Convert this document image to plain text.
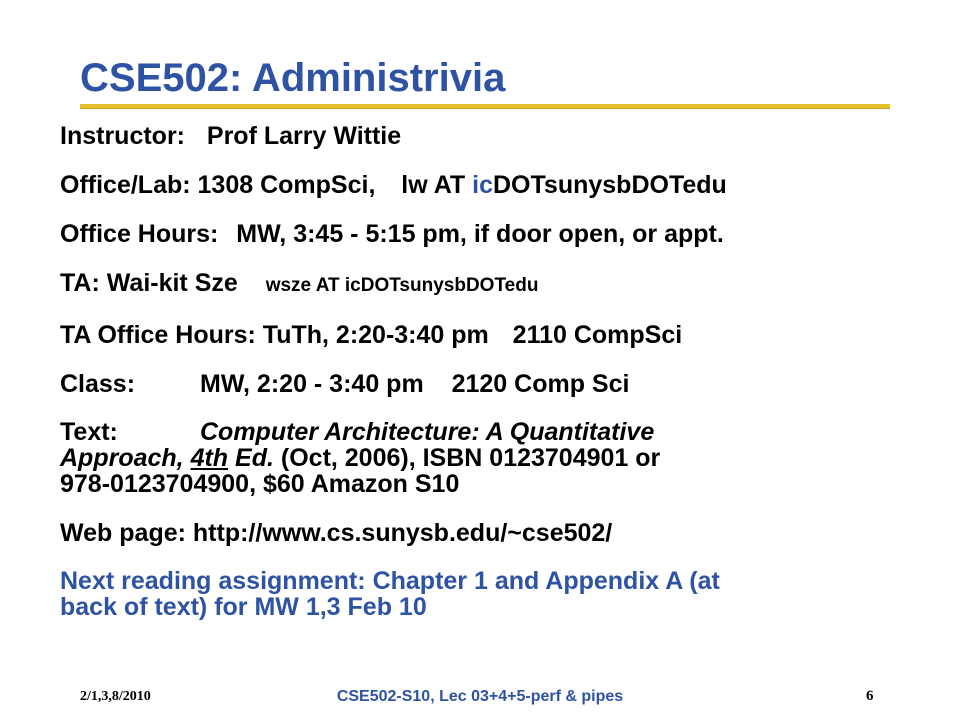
CSE502: Administrivia
Instructor: Prof Larry Wittie
Office/Lab: 1308 CompSci, lw AT icDOTsunysbDOTedu
Office Hours: MW, 3:45 - 5:15 pm, if door open, or appt.
TA: Wai-kit Sze wsze AT icDOTsunysbDOTedu
TA Office Hours: TuTh, 2:20-3:40 pm 2110 CompSci
Class:	MW, 2:20 - 3:40 pm 2120 Comp Sci
Text:	Computer Architecture: A Quantitative
Approach, 4th Ed. (Oct, 2006), ISBN 0123704901 or
978-0123704900, $60 Amazon S10
Web page: http://www.cs.sunysb.edu/~cse502/
Next reading assignment: Chapter 1 and Appendix A (at
back of text) for MW 1,3 Feb 10
2/1,3,8/2010	CSE502-S10, Lec 03+4+5-perf & pipes	6
